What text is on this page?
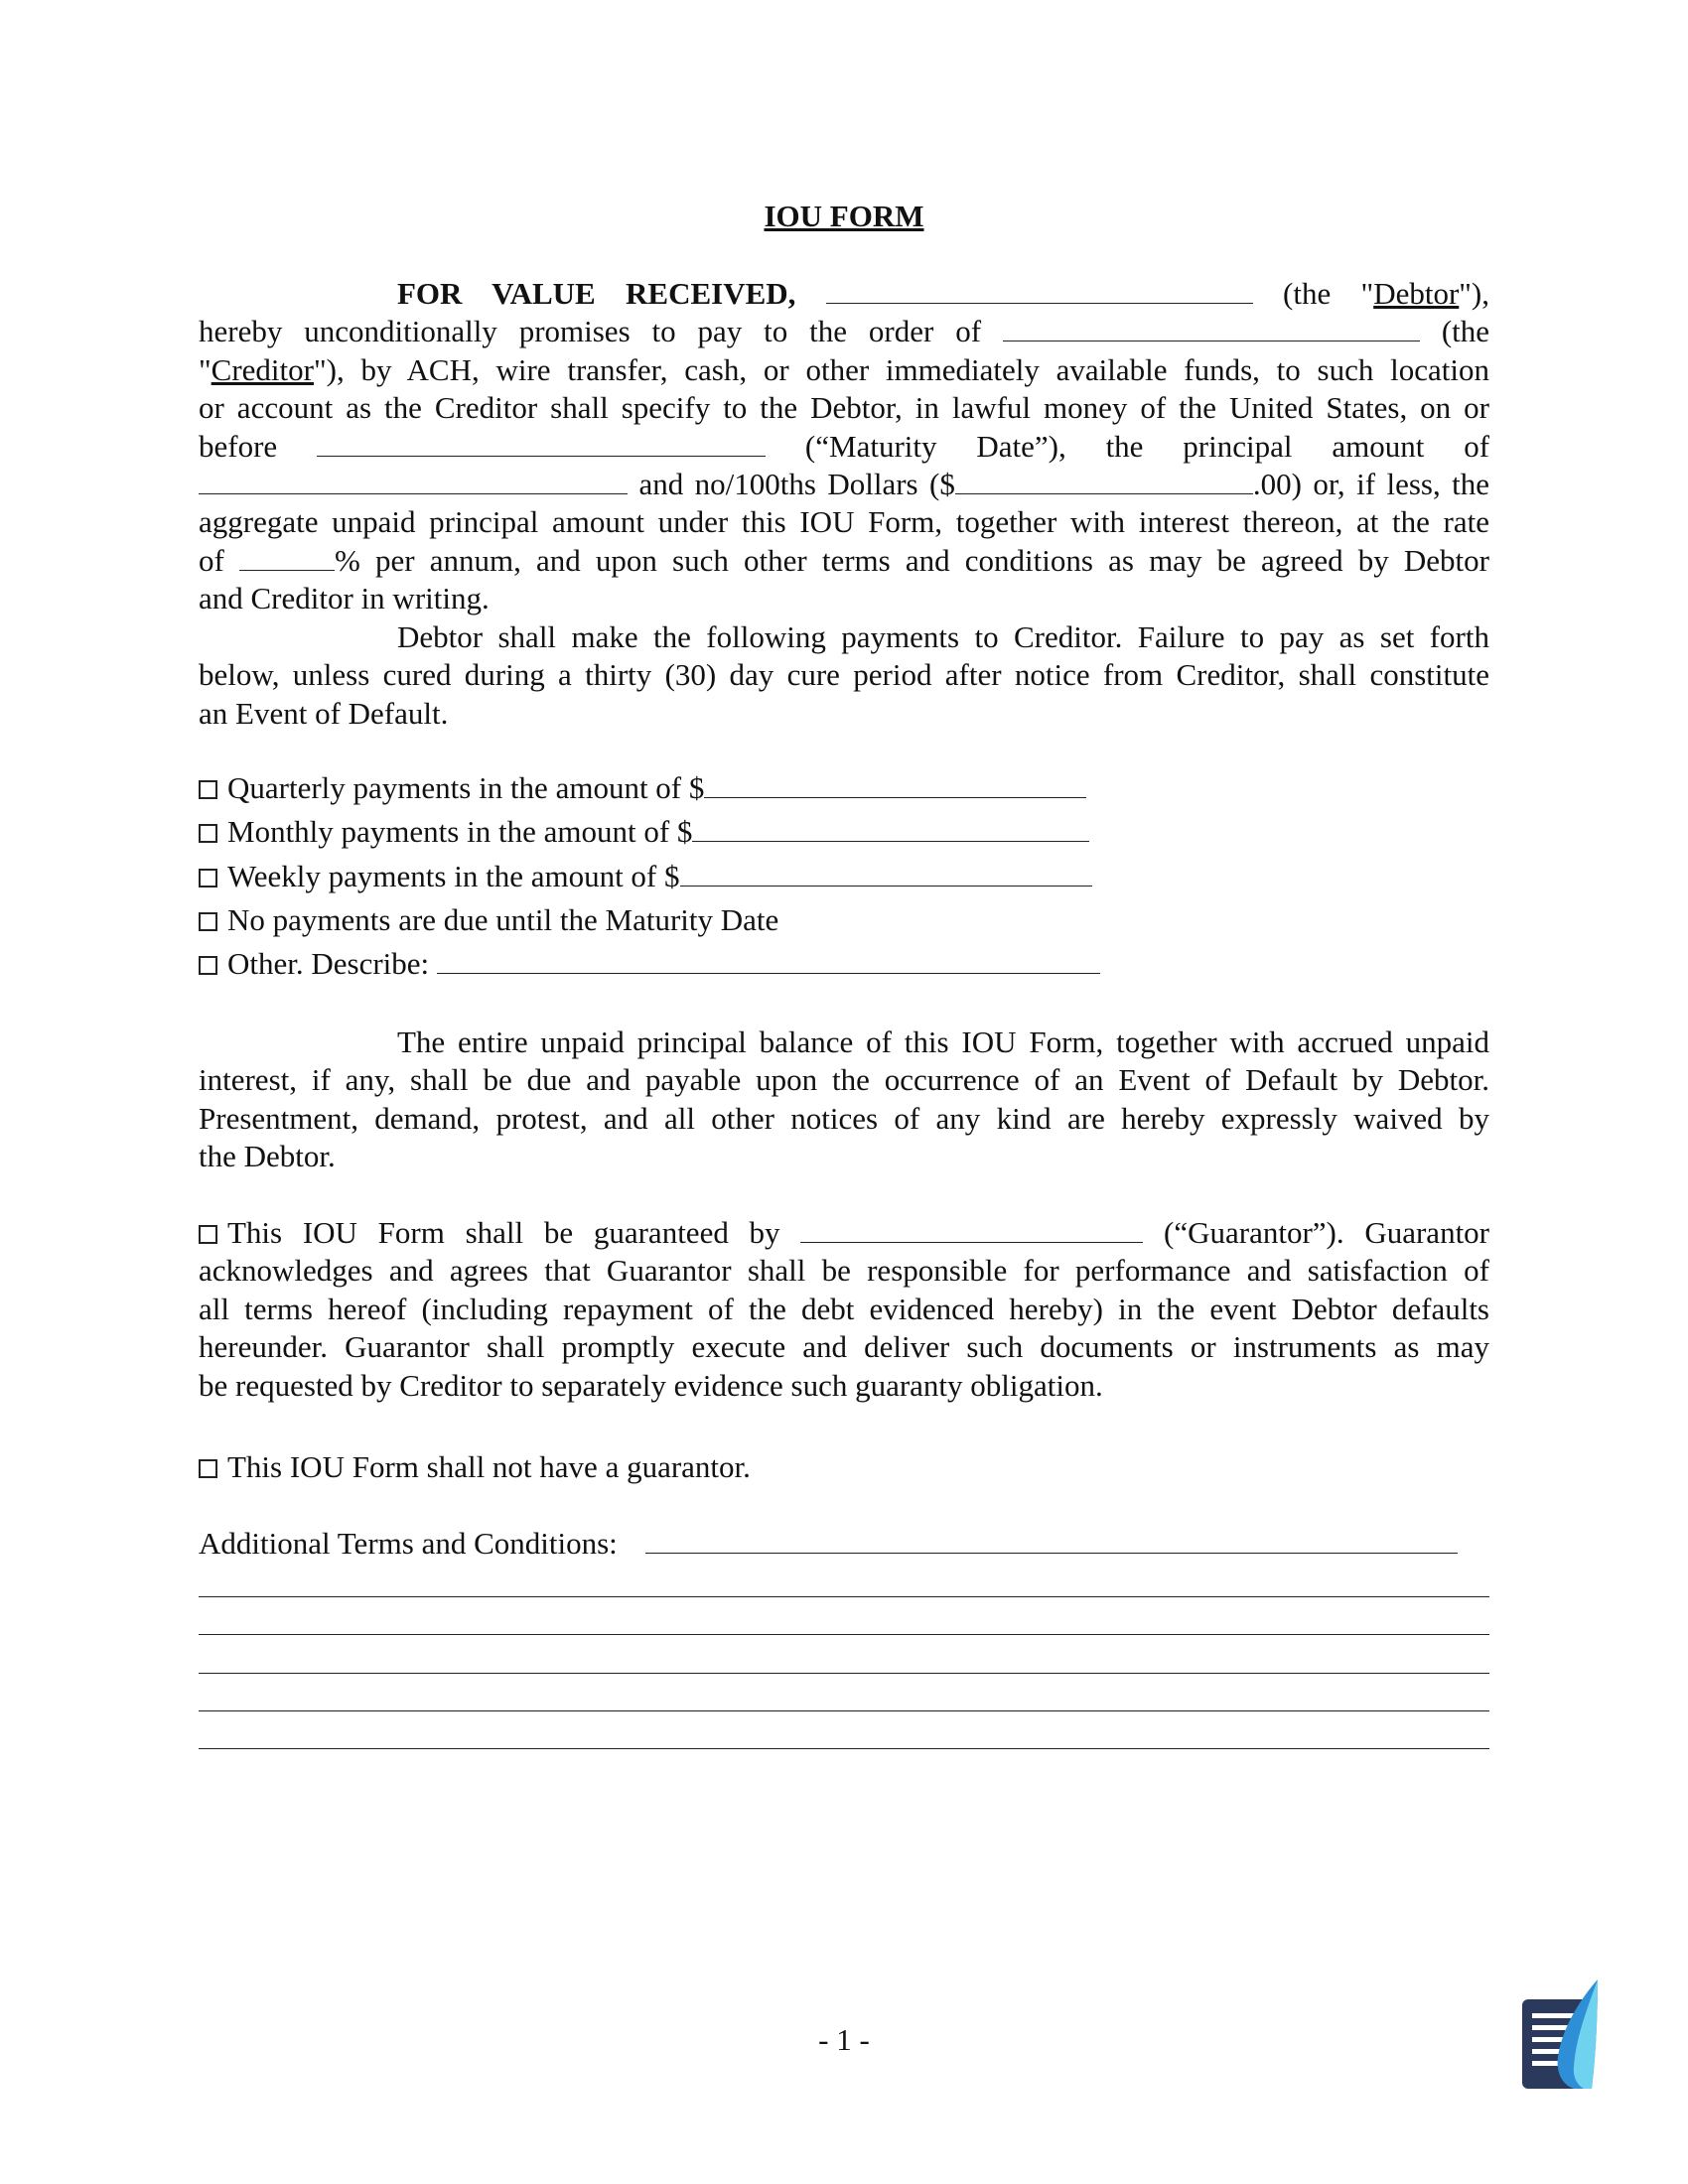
IOU FORM
FOR VALUE RECEIVED,	(the "Debtor"),
hereby unconditionally promises to pay to the order of	(the
"Creditor"), by ACH, wire transfer, cash, or other immediately available funds, to such location
or account as the Creditor shall specify to the Debtor, in lawful money of the United States, on or
before	(“Maturity Date”), the principal amount of
and no/100ths Dollars ($	.00) or, if less, the
aggregate unpaid principal amount under this IOU Form, together with interest thereon, at the rate
of	% per annum, and upon such other terms and conditions as may be agreed by Debtor
and Creditor in writing.
Debtor shall make the following payments to Creditor. Failure to pay as set forth
below, unless cured during a thirty (30) day cure period after notice from Creditor, shall constitute
an Event of Default.
Quarterly payments in the amount of $
Monthly payments in the amount of $
Weekly payments in the amount of $
No payments are due until the Maturity Date
Other. Describe:
The entire unpaid principal balance of this IOU Form, together with accrued unpaid
interest, if any, shall be due and payable upon the occurrence of an Event of Default by Debtor.
Presentment, demand, protest, and all other notices of any kind are hereby expressly waived by
the Debtor.
This IOU Form shall be guaranteed by	(“Guarantor”). Guarantor
acknowledges and agrees that Guarantor shall be responsible for performance and satisfaction of
all terms hereof (including repayment of the debt evidenced hereby) in the event Debtor defaults
hereunder. Guarantor shall promptly execute and deliver such documents or instruments as may
be requested by Creditor to separately evidence such guaranty obligation.
This IOU Form shall not have a guarantor.
Additional Terms and Conditions:
- 1 -
